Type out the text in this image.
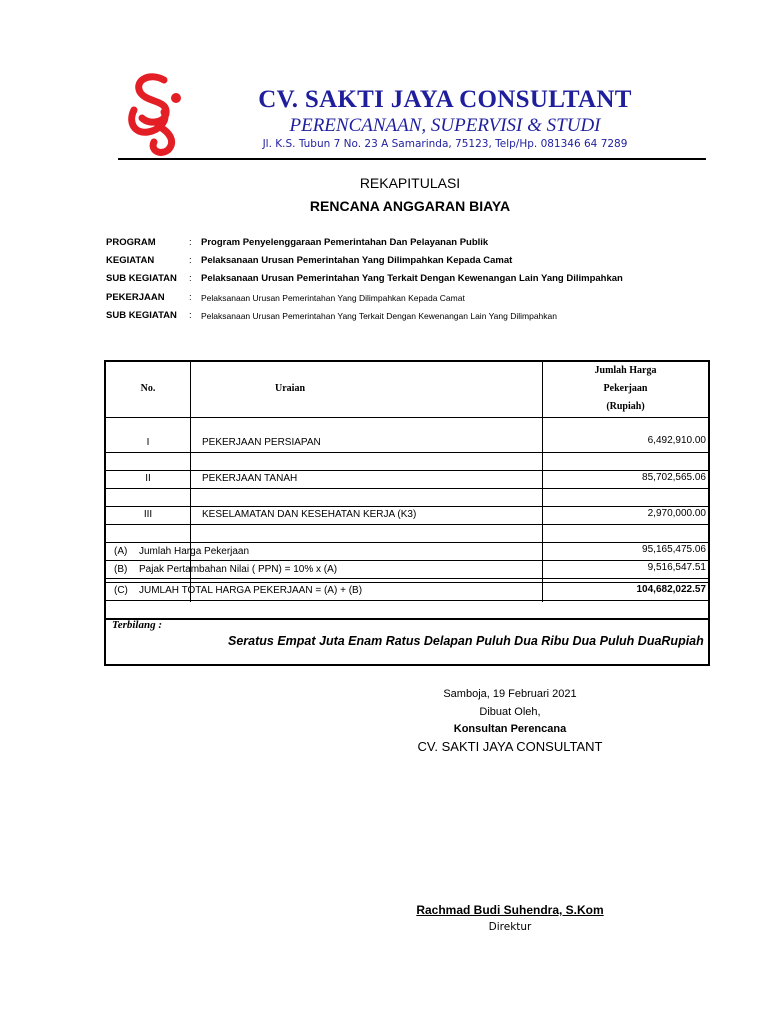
CV. SAKTI JAYA CONSULTANT
PERENCANAAN, SUPERVISI & STUDI
Jl. K.S. Tubun 7 No. 23 A Samarinda, 75123, Telp/Hp. 081346 64 7289
REKAPITULASI
RENCANA ANGGARAN BIAYA
PROGRAM	: Program Penyelenggaraan Pemerintahan Dan Pelayanan Publik
KEGIATAN	: Pelaksanaan Urusan Pemerintahan Yang Dilimpahkan Kepada Camat
SUB KEGIATAN : Pelaksanaan Urusan Pemerintahan Yang Terkait Dengan Kewenangan Lain Yang Dilimpahkan
PEKERJAAN	: Pelaksanaan Urusan Pemerintahan Yang Dilimpahkan Kepada Camat
SUB KEGIATAN : Pelaksanaan Urusan Pemerintahan Yang Terkait Dengan Kewenangan Lain Yang Dilimpahkan
No.	Uraian
Jumlah Harga
Pekerjaan
(Rupiah)
I	PEKERJAAN PERSIAPAN	6,492,910.00
II	PEKERJAAN TANAH	85,702,565.06
III	KESELAMATAN DAN KESEHATAN KERJA (K3)	2,970,000.00
(A) Jumlah Harga Pekerjaan	95,165,475.06
(B) Pajak Pertambahan Nilai ( PPN) = 10% x (A)	9,516,547.51
(C) JUMLAH TOTAL HARGA PEKERJAAN = (A) + (B)	104,682,022.57
Terbilang :
Seratus Empat Juta Enam Ratus Delapan Puluh Dua Ribu Dua Puluh DuaRupiah
Samboja, 19 Februari 2021
Dibuat Oleh,
Konsultan Perencana
CV. SAKTI JAYA CONSULTANT
Rachmad Budi Suhendra, S.Kom
Direktur
